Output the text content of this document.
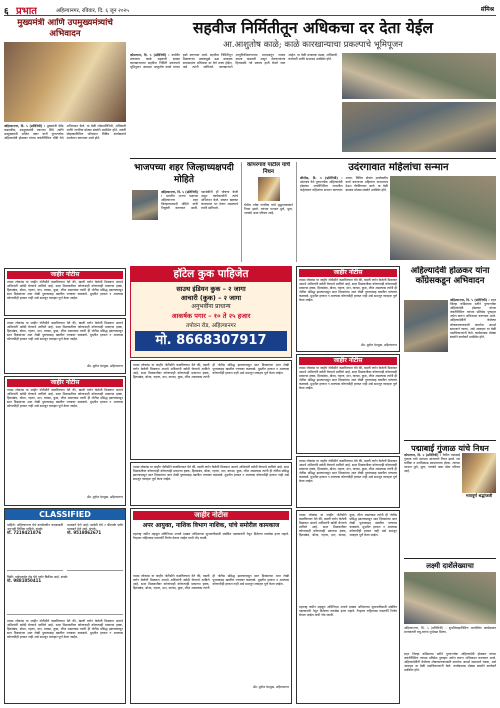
६ प्रभात	अहिल्यानगर, रविवार, दि. ६ जून २०२५	संमिश्र
मुख्यमंत्री आणि उपमुख्यमंत्र्यांचे अभिवादन
अहिल्यानगर, दि. ५ (प्रतिनिधी) : मुख्यमंत्री देवेंद्र फडणवीस, उपमुख्यमंत्री एकनाथ शिंदे आणि उपमुख्यमंत्री अजित पवार यांनी पुण्यश्लोक अहिल्यादेवी होळकर यांच्या जयंतीनिमित्त चौंडी येथे अभिवादन केले. या वेळी लोकप्रतिनिधी, अधिकारी आणि नागरिक मोठ्या संख्येने उपस्थित होते. जयंती सोहळ्यानिमित्त परिसरात विविध कार्यक्रमांचे आयोजन करण्यात आले होते.
सहवीज निर्मितीतून अधिकचा दर देता येईल
आ.आशुतोष काळे; काळे कारखान्याचा प्रकल्पाचे भूमिपूजन
कोपरगाव, दि. ५ (प्रतिनिधी) : कर्मवीर शंकरराव काळे सहकारी साखर कारखान्याच्या सहवीज निर्मिती प्रकल्पाचे भूमिपूजन आमदार आशुतोष काळे यांच्या हस्ते करण्यात आले. सहवीज निर्मितीतून मिळणाऱ्या उत्पन्नामुळे ऊस उत्पादक सभासदांना अधिकचा दर देणे शक्य होईल, असे त्यांनी सांगितले. कारखान्याने आधुनिकीकरणाच्या माध्यमातून गाळप क्षमता वाढवली असून शेतकऱ्यांच्या हितासाठी नवे प्रकल्प हाती घेतले जात आहेत. या वेळी संचालक मंडळ, अधिकारी, कर्मचारी आणि सभासद उपस्थित होते.
भाजपच्या शहर जिल्हाध्यक्षपदी मोहिते
अहिल्यानगर, दि. ५ (प्रतिनिधी) : भारतीय जनता पक्षाच्या अहिल्यानगर शहर जिल्हाध्यक्षपदी मोहिते यांची नियुक्ती करण्यात आली. पक्षश्रेष्ठींनी ही घोषणा केली असून कार्यकर्त्यांनी त्यांचे अभिनंदन केले. संघटन बळकट करण्यावर भर देणार असल्याचे त्यांनी सांगितले.
कोपरगाव पाटील यांचे निधन
येथील ज्येष्ठ नागरिक यांचे वृद्धापकाळाने निधन झाले. त्यांच्या पश्चात मुले, सुना, नातवंडे असा परिवार आहे.
उदंरगावात महिलांचा सन्मान
श्रीगोंदा, दि. ५ (प्रतिनिधी) : उदंरगाव येथे पुण्यश्लोक अहिल्यादेवी होळकर जयंतीनिमित्त गावातील कर्तृत्ववान महिलांचा सन्मान करण्यात आला. विविध क्षेत्रांत उल्लेखनीय कार्य करणाऱ्या महिलांना सन्मानपत्र देऊन गौरविण्यात आले. या वेळी ग्रामस्थ मोठ्या संख्येने उपस्थित होते.
जाहीर नोटीस
तमाम लोकांस या जाहीर नोटीसीने कळविण्यात येते की, खाली वर्णन केलेली मिळकत आमचे अशिलांनी खरेदी घेण्याचे ठरविले आहे. सदर मिळकतीवर कोणाचाही कोणत्याही प्रकारचा हक्क, हितसंबंध, बोजा, गहाण, दान, वारसा, कुळ, लीज असल्यास त्यांनी ही नोटीस प्रसिद्ध झाल्यापासून सात दिवसांच्या आत लेखी पुराव्यासह खालील पत्त्यावर कळवावे. मुदतीत हरकत न आल्यास कोणाचीही हरकत नाही असे समजून व्यवहार पूर्ण केला जाईल.
तमाम लोकांस या जाहीर नोटीसीने कळविण्यात येते की, खाली वर्णन केलेली मिळकत आमचे अशिलांनी खरेदी घेण्याचे ठरविले आहे. सदर मिळकतीवर कोणाचाही कोणत्याही प्रकारचा हक्क, हितसंबंध, बोजा, गहाण, दान, वारसा, कुळ, लीज असल्यास त्यांनी ही नोटीस प्रसिद्ध झाल्यापासून सात दिवसांच्या आत लेखी पुराव्यासह खालील पत्त्यावर कळवावे. मुदतीत हरकत न आल्यास कोणाचीही हरकत नाही असे समजून व्यवहार पूर्ण केला जाईल.
ॲड. सुनील देशमुख, अहिल्यानगर
जाहीर नोटीस
तमाम लोकांस या जाहीर नोटीसीने कळविण्यात येते की, खाली वर्णन केलेली मिळकत आमचे अशिलांनी खरेदी घेण्याचे ठरविले आहे. सदर मिळकतीवर कोणाचाही कोणत्याही प्रकारचा हक्क, हितसंबंध, बोजा, गहाण, दान, वारसा, कुळ, लीज असल्यास त्यांनी ही नोटीस प्रसिद्ध झाल्यापासून सात दिवसांच्या आत लेखी पुराव्यासह खालील पत्त्यावर कळवावे. मुदतीत हरकत न आल्यास कोणाचीही हरकत नाही असे समजून व्यवहार पूर्ण केला जाईल.
ॲड. सुनील देशमुख, अहिल्यानगर
CLASSIFIED
पाहिजे: अहिल्यानगर येथे कार्यालयीन कामासाठी अनुभवी लिपिक पाहिजे. संपर्क:
मो. 7219421876
भाड्याने देणे आहे: सावेडी येथे २ बीएचके फ्लॅट भाड्याने देणे आहे. संपर्क:
मो. 9518062671
विक्री: पाईपलाईन रोड येथे प्लॉट विक्रीस आहे. संपर्क:
मो. 9881050411
तमाम लोकांस या जाहीर नोटीसीने कळविण्यात येते की, खाली वर्णन केलेली मिळकत आमचे अशिलांनी खरेदी घेण्याचे ठरविले आहे. सदर मिळकतीवर कोणाचाही कोणत्याही प्रकारचा हक्क, हितसंबंध, बोजा, गहाण, दान, वारसा, कुळ, लीज असल्यास त्यांनी ही नोटीस प्रसिद्ध झाल्यापासून सात दिवसांच्या आत लेखी पुराव्यासह खालील पत्त्यावर कळवावे. मुदतीत हरकत न आल्यास कोणाचीही हरकत नाही असे समजून व्यवहार पूर्ण केला जाईल.
हॉटेल कुक पाहिजेत
साउथ इंडियन कुक – २ जागा
आचारी (कुक) – २ जागा
अनुभवींना प्राधान्य
आकर्षक पगार – १० ते २५ हजार
तपोवन रोड, अहिल्यानगर
मो. 8668307917
तमाम लोकांस या जाहीर नोटीसीने कळविण्यात येते की, खाली वर्णन केलेली मिळकत आमचे अशिलांनी खरेदी घेण्याचे ठरविले आहे. सदर मिळकतीवर कोणाचाही कोणत्याही प्रकारचा हक्क, हितसंबंध, बोजा, गहाण, दान, वारसा, कुळ, लीज असल्यास त्यांनी ही नोटीस प्रसिद्ध झाल्यापासून सात दिवसांच्या आत लेखी पुराव्यासह खालील पत्त्यावर कळवावे. मुदतीत हरकत न आल्यास कोणाचीही हरकत नाही असे समजून व्यवहार पूर्ण केला जाईल.
तमाम लोकांस या जाहीर नोटीसीने कळविण्यात येते की, खाली वर्णन केलेली मिळकत आमचे अशिलांनी खरेदी घेण्याचे ठरविले आहे. सदर मिळकतीवर कोणाचाही कोणत्याही प्रकारचा हक्क, हितसंबंध, बोजा, गहाण, दान, वारसा, कुळ, लीज असल्यास त्यांनी ही नोटीस प्रसिद्ध झाल्यापासून सात दिवसांच्या आत लेखी पुराव्यासह खालील पत्त्यावर कळवावे. मुदतीत हरकत न आल्यास कोणाचीही हरकत नाही असे समजून व्यवहार पूर्ण केला जाईल.
जाहीर नोटीस
अपर आयुक्त, नाशिक विभाग नाशिक, यांचे समोरील कामकाज
महाराष्ट्र जमीन महसूल अधिनियम अन्वये दाखल अपिलाच्या सुनावणीसाठी संबंधित पक्षकारांनी नेमून दिलेल्या तारखेस हजर राहावे. गैरहजर राहिल्यास एकतर्फी निर्णय घेतला जाईल याची नोंद घ्यावी.
तमाम लोकांस या जाहीर नोटीसीने कळविण्यात येते की, खाली वर्णन केलेली मिळकत आमचे अशिलांनी खरेदी घेण्याचे ठरविले आहे. सदर मिळकतीवर कोणाचाही कोणत्याही प्रकारचा हक्क, हितसंबंध, बोजा, गहाण, दान, वारसा, कुळ, लीज असल्यास त्यांनी ही नोटीस प्रसिद्ध झाल्यापासून सात दिवसांच्या आत लेखी पुराव्यासह खालील पत्त्यावर कळवावे. मुदतीत हरकत न आल्यास कोणाचीही हरकत नाही असे समजून व्यवहार पूर्ण केला जाईल.
ॲड. सुनील देशमुख, अहिल्यानगर
जाहीर नोटीस
तमाम लोकांस या जाहीर नोटीसीने कळविण्यात येते की, खाली वर्णन केलेली मिळकत आमचे अशिलांनी खरेदी घेण्याचे ठरविले आहे. सदर मिळकतीवर कोणाचाही कोणत्याही प्रकारचा हक्क, हितसंबंध, बोजा, गहाण, दान, वारसा, कुळ, लीज असल्यास त्यांनी ही नोटीस प्रसिद्ध झाल्यापासून सात दिवसांच्या आत लेखी पुराव्यासह खालील पत्त्यावर कळवावे. मुदतीत हरकत न आल्यास कोणाचीही हरकत नाही असे समजून व्यवहार पूर्ण केला जाईल.
ॲड. सुनील देशमुख, अहिल्यानगर
जाहीर नोटीस
तमाम लोकांस या जाहीर नोटीसीने कळविण्यात येते की, खाली वर्णन केलेली मिळकत आमचे अशिलांनी खरेदी घेण्याचे ठरविले आहे. सदर मिळकतीवर कोणाचाही कोणत्याही प्रकारचा हक्क, हितसंबंध, बोजा, गहाण, दान, वारसा, कुळ, लीज असल्यास त्यांनी ही नोटीस प्रसिद्ध झाल्यापासून सात दिवसांच्या आत लेखी पुराव्यासह खालील पत्त्यावर कळवावे. मुदतीत हरकत न आल्यास कोणाचीही हरकत नाही असे समजून व्यवहार पूर्ण केला जाईल.
तमाम लोकांस या जाहीर नोटीसीने कळविण्यात येते की, खाली वर्णन केलेली मिळकत आमचे अशिलांनी खरेदी घेण्याचे ठरविले आहे. सदर मिळकतीवर कोणाचाही कोणत्याही प्रकारचा हक्क, हितसंबंध, बोजा, गहाण, दान, वारसा, कुळ, लीज असल्यास त्यांनी ही नोटीस प्रसिद्ध झाल्यापासून सात दिवसांच्या आत लेखी पुराव्यासह खालील पत्त्यावर कळवावे. मुदतीत हरकत न आल्यास कोणाचीही हरकत नाही असे समजून व्यवहार पूर्ण केला जाईल.
तमाम लोकांस या जाहीर नोटीसीने कळविण्यात येते की, खाली वर्णन केलेली मिळकत आमचे अशिलांनी खरेदी घेण्याचे ठरविले आहे. सदर मिळकतीवर कोणाचाही कोणत्याही प्रकारचा हक्क, हितसंबंध, बोजा, गहाण, दान, वारसा, कुळ, लीज असल्यास त्यांनी ही नोटीस प्रसिद्ध झाल्यापासून सात दिवसांच्या आत लेखी पुराव्यासह खालील पत्त्यावर कळवावे. मुदतीत हरकत न आल्यास कोणाचीही हरकत नाही असे समजून व्यवहार पूर्ण केला जाईल.
महाराष्ट्र जमीन महसूल अधिनियम अन्वये दाखल अपिलाच्या सुनावणीसाठी संबंधित पक्षकारांनी नेमून दिलेल्या तारखेस हजर राहावे. गैरहजर राहिल्यास एकतर्फी निर्णय घेतला जाईल याची नोंद घ्यावी.
अहिल्यादेवी होळकर यांना कॉंग्रेसकडून अभिवादन
अहिल्यानगर, दि. ५ (प्रतिनिधी) : शहर जिल्हा कॉंग्रेसच्या वतीने पुण्यश्लोक अहिल्यादेवी होळकर यांच्या जयंतीनिमित्त त्यांच्या प्रतिमेस पुष्पहार अर्पण करून अभिवादन करण्यात आले. अहिल्यादेवींनी केलेल्या लोककल्याणकारी कार्याचा आदर्श समाजाने घ्यावा, असे आवाहन या वेळी पदाधिकाऱ्यांनी केले. कार्यक्रमास मोठ्या संख्येने कार्यकर्ते उपस्थित होते.
पद्माबाई गुंजाळ यांचे निधन
कोपरगाव, दि. ५ (प्रतिनिधी) : येथील पद्माबाई गुंजाळ यांचे अल्पशा आजाराने निधन झाले. त्या धार्मिक व मनमिळाऊ स्वभावाच्या होत्या. त्यांच्या पश्चात मुले, सुना, नातवंडे असा मोठा परिवार आहे.
भावपूर्ण श्रद्धांजली
लक्ष्मी दाशेंलेख्याचा
अहिल्यानगर, दि. ५ (प्रतिनिधी) : शुभविवाहानिमित्त आयोजित कार्यक्रमात मान्यवरांनी वधू-वरांना शुभेच्छा दिल्या.
शहर जिल्हा कॉंग्रेसच्या वतीने पुण्यश्लोक अहिल्यादेवी होळकर यांच्या जयंतीनिमित्त त्यांच्या प्रतिमेस पुष्पहार अर्पण करून अभिवादन करण्यात आले. अहिल्यादेवींनी केलेल्या लोककल्याणकारी कार्याचा आदर्श समाजाने घ्यावा, असे आवाहन या वेळी पदाधिकाऱ्यांनी केले. कार्यक्रमास मोठ्या संख्येने कार्यकर्ते उपस्थित होते.
